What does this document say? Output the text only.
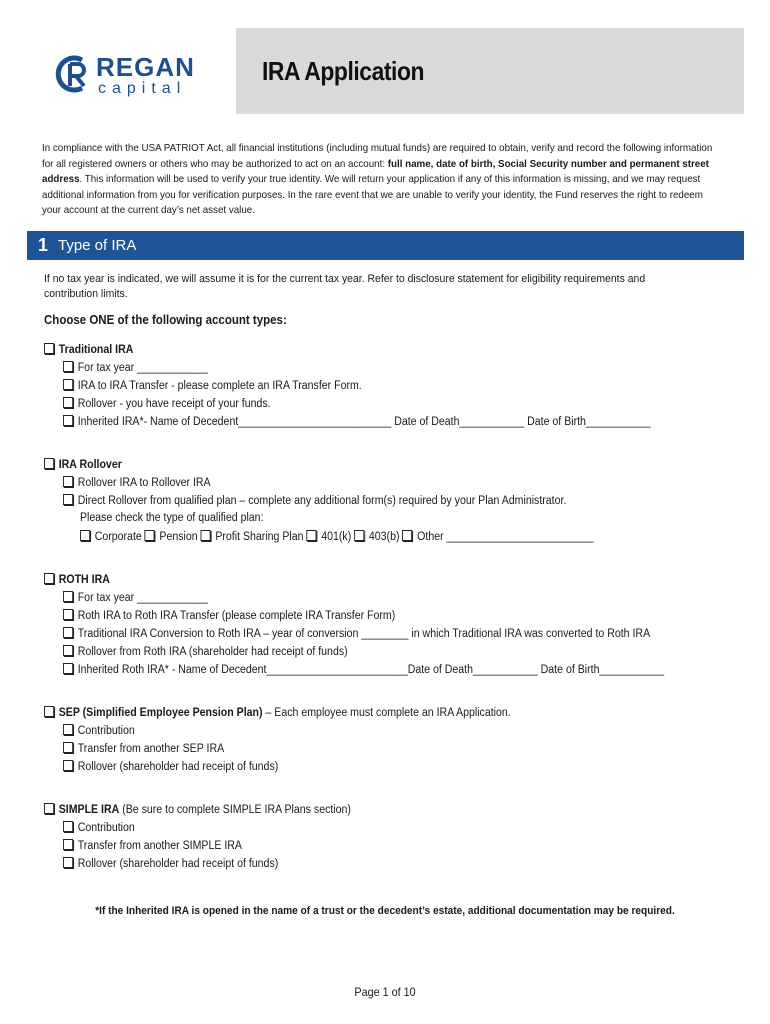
REGAN
capital
IRA Application
In compliance with the USA PATRIOT Act, all financial institutions (including mutual funds) are required to obtain, verify and record the following information for all registered owners or others who may be authorized to act on an account: full name, date of birth, Social Security number and permanent street address. This information will be used to verify your true identity. We will return your application if any of this information is missing, and we may request additional information from you for verification purposes. In the rare event that we are unable to verify your identity, the Fund reserves the right to redeem your account at the current day’s net asset value.
1 Type of IRA
If no tax year is indicated, we will assume it is for the current tax year. Refer to disclosure statement for eligibility requirements and contribution limits.
Choose ONE of the following account types:
Traditional IRA
For tax year ____________
IRA to IRA Transfer - please complete an IRA Transfer Form.
Rollover - you have receipt of your funds.
Inherited IRA*- Name of Decedent__________________________ Date of Death___________ Date of Birth___________
IRA Rollover
Rollover IRA to Rollover IRA
Direct Rollover from qualified plan – complete any additional form(s) required by your Plan Administrator.
Please check the type of qualified plan:
Corporate Pension Profit Sharing Plan 401(k) 403(b) Other _________________________
ROTH IRA
For tax year ____________
Roth IRA to Roth IRA Transfer (please complete IRA Transfer Form)
Traditional IRA Conversion to Roth IRA – year of conversion ________ in which Traditional IRA was converted to Roth IRA
Rollover from Roth IRA (shareholder had receipt of funds)
Inherited Roth IRA* - Name of Decedent________________________Date of Death___________ Date of Birth___________
SEP (Simplified Employee Pension Plan) – Each employee must complete an IRA Application.
Contribution
Transfer from another SEP IRA
Rollover (shareholder had receipt of funds)
SIMPLE IRA (Be sure to complete SIMPLE IRA Plans section)
Contribution
Transfer from another SIMPLE IRA
Rollover (shareholder had receipt of funds)
*If the Inherited IRA is opened in the name of a trust or the decedent’s estate, additional documentation may be required.
Page 1 of 10
